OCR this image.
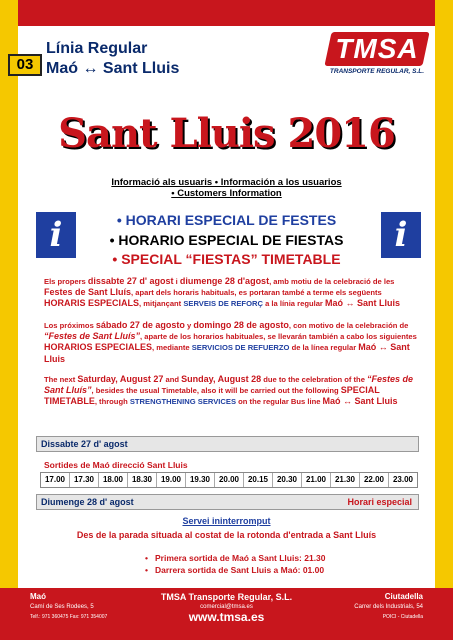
03
Línia Regular
Maó ↔ Sant Lluis
TMSA
TRANSPORTE REGULAR, S.L.
Sant Lluis 2016
Informació als usuaris • Información a los usuarios
• Customers Information
i	i
• HORARI ESPECIAL DE FESTES
• HORARIO ESPECIAL DE FIESTAS
• SPECIAL “FIESTAS” TIMETABLE
Els propers dissabte 27 d' agost i diumenge 28 d'agost, amb motiu de la celebració de les Festes de Sant Lluís, apart dels horaris habituals, es portaran també a terme els següents HORARIS ESPECIALS, mitjançant SERVEIS DE REFORÇ a la línia regular Maó ↔ Sant Lluis
Los próximos sábado 27 de agosto y domingo 28 de agosto, con motivo de la celebración de “Festes de Sant Lluís”, aparte de los horarios habituales, se llevarán también a cabo los siguientes HORARIOS ESPECIALES, mediante SERVICIOS DE REFUERZO de la línea regular Maó ↔ Sant Lluis
The next Saturday, August 27 and Sunday, August 28 due to the celebration of the “Festes de Sant Lluís”, besides the usual Timetable, also it will be carried out the following SPECIAL TIMETABLE, through STRENGTHENING SERVICES on the regular Bus line Maó ↔ Sant Lluis
Dissabte 27 d' agost
Sortides de Maó direcció Sant Lluis
17.00	17.30	18.00	18.30	19.00	19.30	20.00	20.15	20.30	21.00	21.30	22.00	23.00
Diumenge 28 d' agost	Horari especial
Servei ininterromput
Des de la parada situada al costat de la rotonda d'entrada a Sant Lluís
• Primera sortida de Maó a Sant Lluis: 21.30
• Darrera sortida de Sant Lluis a Maó: 01.00
Maó
Camí de Ses Rodees, 5
Telf.: 971 360475 Fax: 971 354007
TMSA Transporte Regular, S.L.
comercial@tmsa.es
www.tmsa.es
Ciutadella
Carrer dels Industrials, 54
POICI - Ciutadella
